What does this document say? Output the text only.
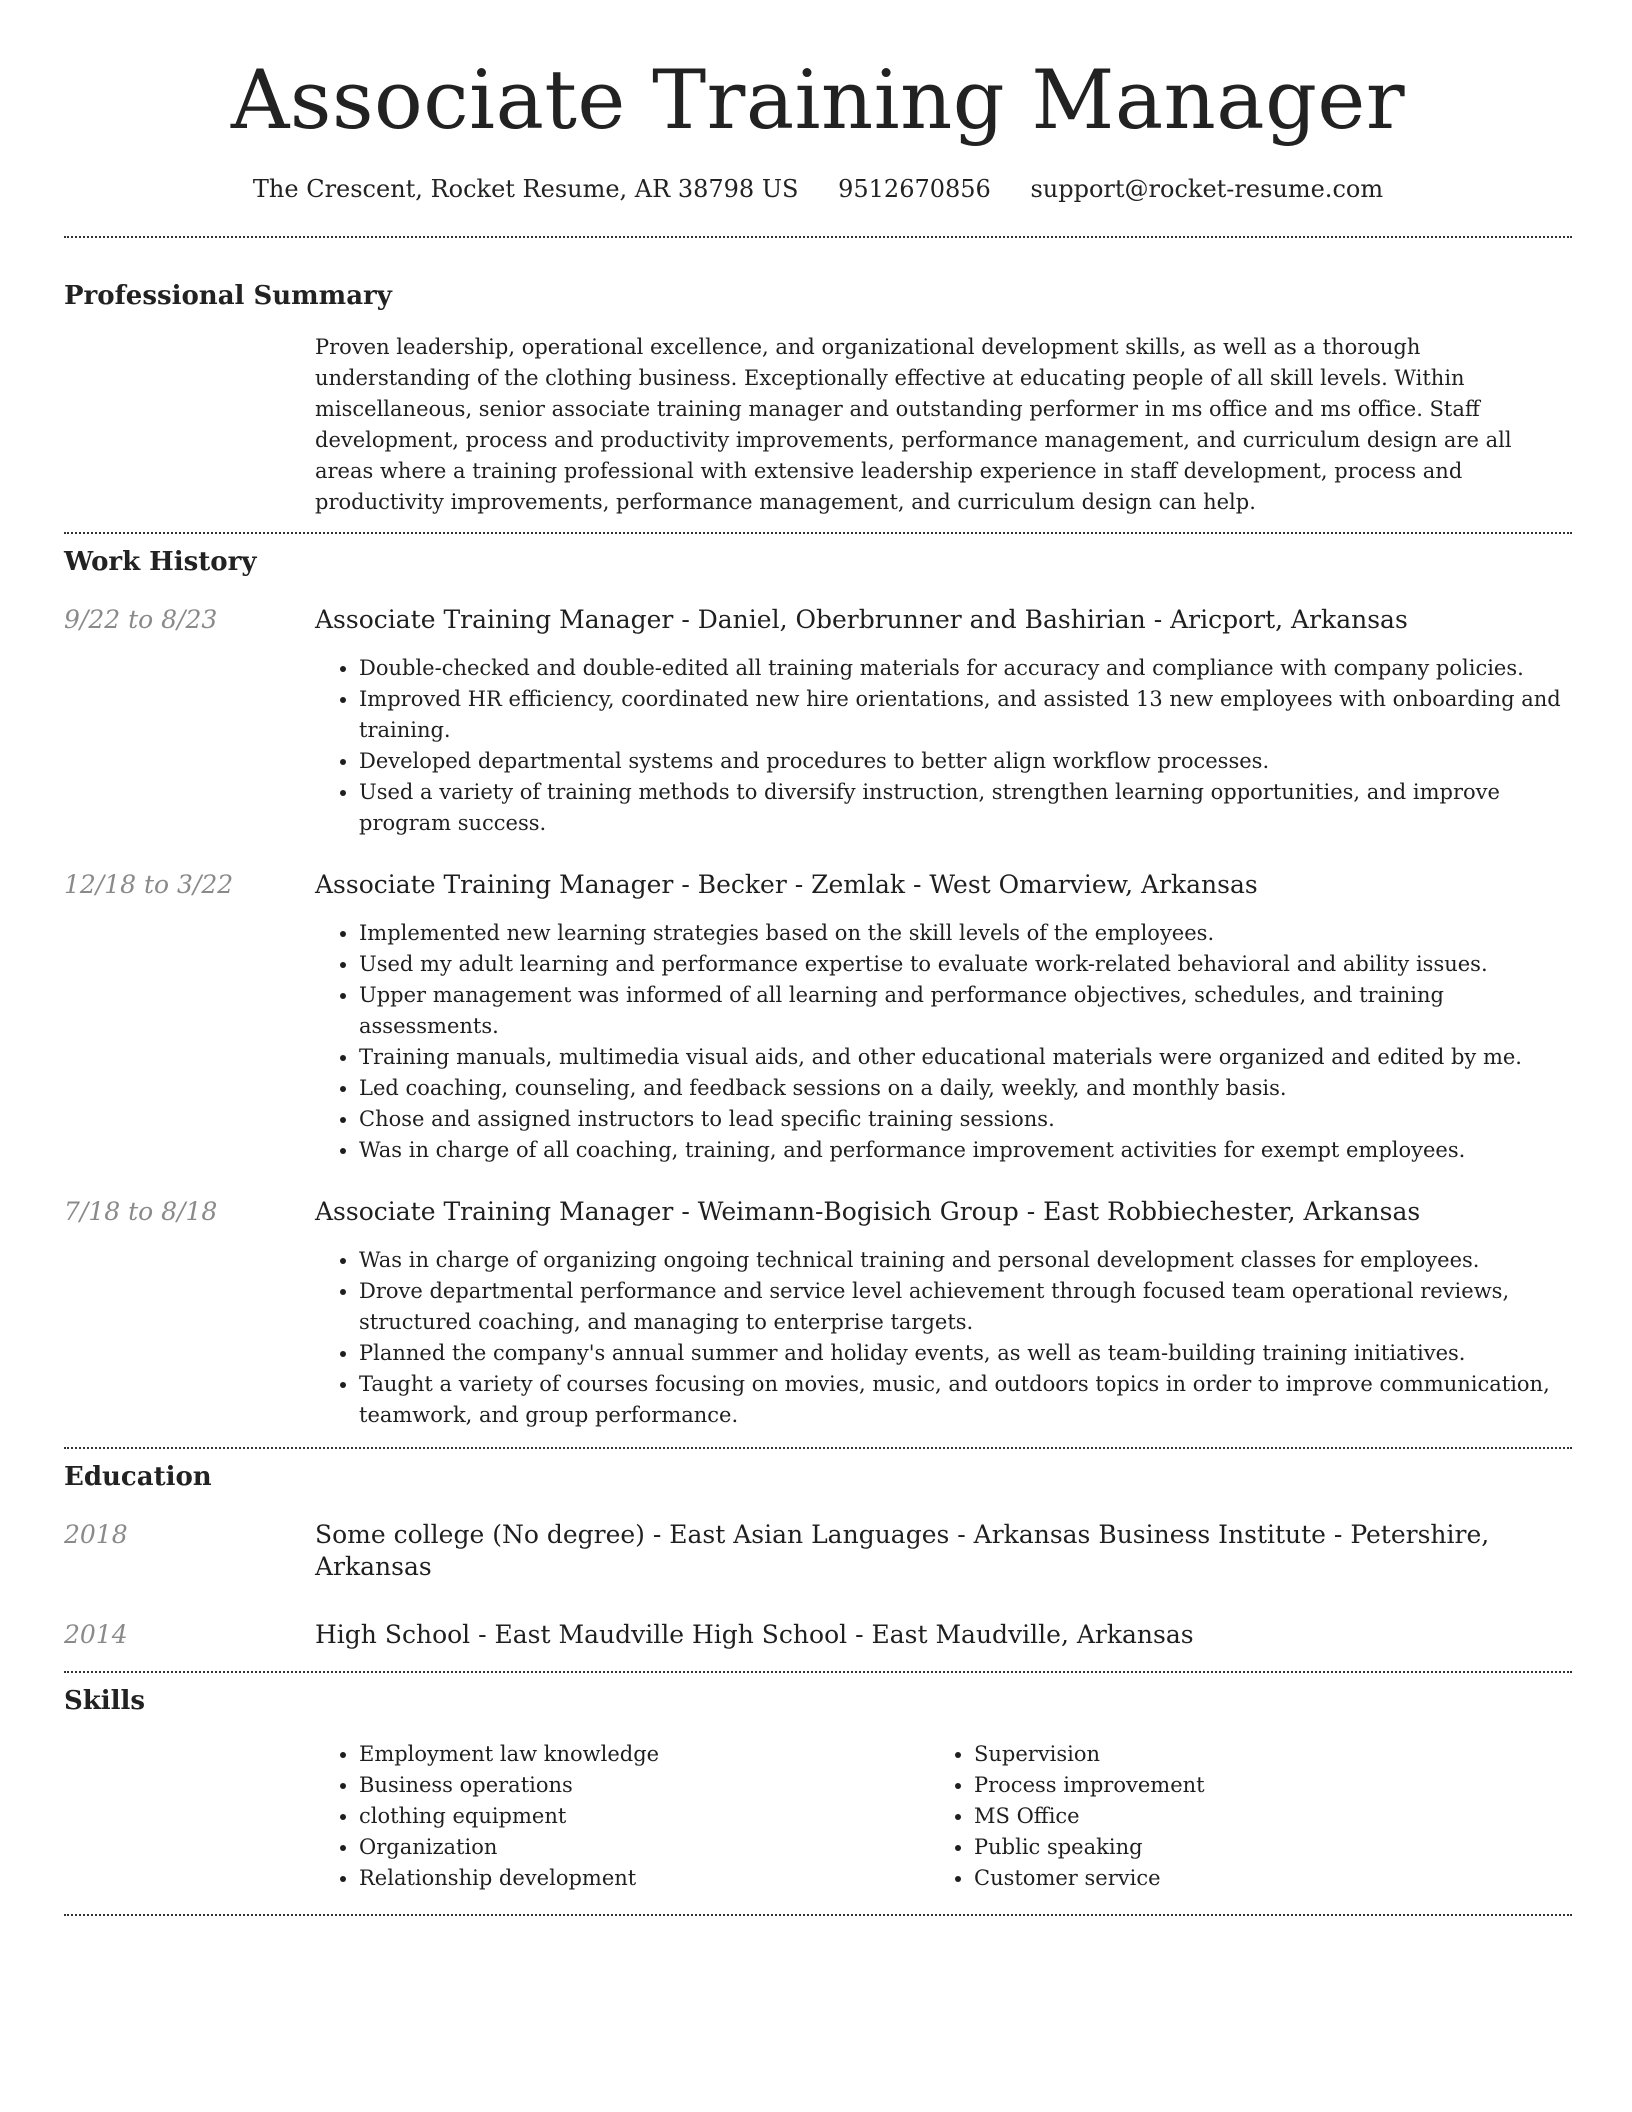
Associate Training Manager
The Crescent, Rocket Resume, AR 38798 US 9512670856 support@rocket-resume.com
Professional Summary

Proven leadership, operational excellence, and organizational development skills, as well as a thorough understanding of the clothing business. Exceptionally effective at educating people of all skill levels. Within miscellaneous, senior associate training manager and outstanding performer in ms office and ms office. Staff development, process and productivity improvements, performance management, and curriculum design are all areas where a training professional with extensive leadership experience in staff development, process and productivity improvements, performance management, and curriculum design can help.

Work History
9/22 to 8/23	Associate Training Manager - Daniel, Oberbrunner and Bashirian - Aricport, Arkansas
• Double-checked and double-edited all training materials for accuracy and compliance with company policies.
• Improved HR efficiency, coordinated new hire orientations, and assisted 13 new employees with onboarding and training.
• Developed departmental systems and procedures to better align workflow processes.
• Used a variety of training methods to diversify instruction, strengthen learning opportunities, and improve program success.
12/18 to 3/22	Associate Training Manager - Becker - Zemlak - West Omarview, Arkansas
• Implemented new learning strategies based on the skill levels of the employees.
• Used my adult learning and performance expertise to evaluate work-related behavioral and ability issues.
• Upper management was informed of all learning and performance objectives, schedules, and training assessments.
• Training manuals, multimedia visual aids, and other educational materials were organized and edited by me.
• Led coaching, counseling, and feedback sessions on a daily, weekly, and monthly basis.
• Chose and assigned instructors to lead specific training sessions.
• Was in charge of all coaching, training, and performance improvement activities for exempt employees.
7/18 to 8/18	Associate Training Manager - Weimann-Bogisich Group - East Robbiechester, Arkansas
• Was in charge of organizing ongoing technical training and personal development classes for employees.
• Drove departmental performance and service level achievement through focused team operational reviews, structured coaching, and managing to enterprise targets.
• Planned the company's annual summer and holiday events, as well as team-building training initiatives.
• Taught a variety of courses focusing on movies, music, and outdoors topics in order to improve communication, teamwork, and group performance.
Education
2018	Some college (No degree) - East Asian Languages - Arkansas Business Institute - Petershire, Arkansas
2014	High School - East Maudville High School - East Maudville, Arkansas
Skills
• Employment law knowledge
• Business operations
• clothing equipment
• Organization
• Relationship development
• Supervision
• Process improvement
• MS Office
• Public speaking
• Customer service
